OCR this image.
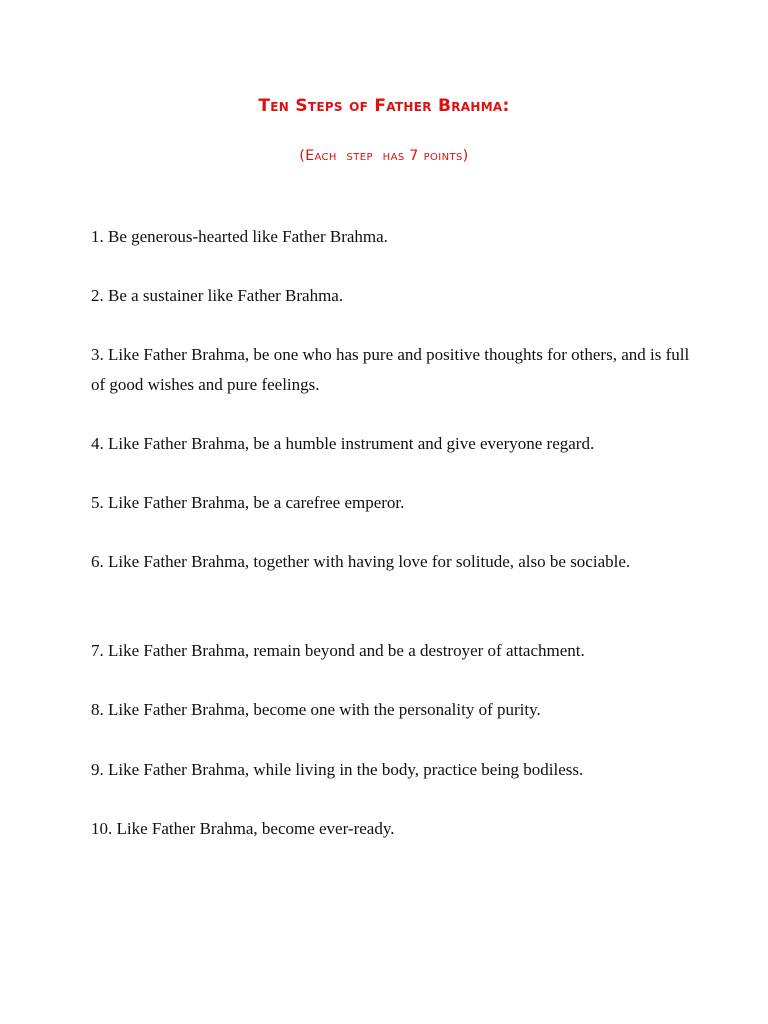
Ten Steps of Father Brahma:
(Each  step  has 7 points)
1. Be generous-hearted like Father Brahma.
2. Be a sustainer like Father Brahma.
3. Like Father Brahma, be one who has pure and positive thoughts for others, and is full of good wishes and pure feelings.
4. Like Father Brahma, be a humble instrument and give everyone regard.
5. Like Father Brahma, be a carefree emperor.
6. Like Father Brahma, together with having love for solitude, also be sociable.
7. Like Father Brahma, remain beyond and be a destroyer of attachment.
8. Like Father Brahma, become one with the personality of purity.
9. Like Father Brahma, while living in the body, practice being bodiless.
10. Like Father Brahma, become ever-ready.
